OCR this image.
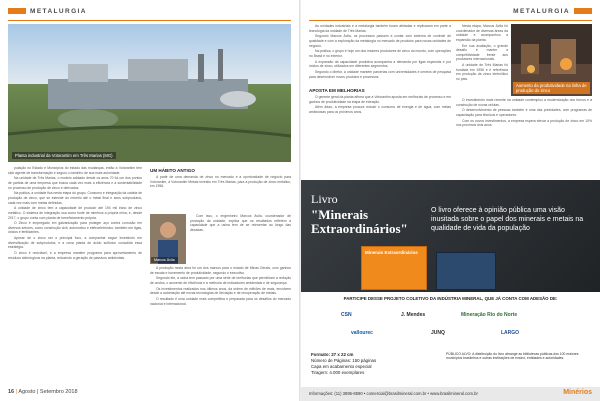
METALURGIA
Planta industrial da Votorantim em Três Marias (MG)

pulação no Estado e Municípios do estado das mudanças, então a Votorantim tem sido agente de transformação e seguiu o caminho de sua mais autoridade.

Na unidade de Três Marias, o modelo adotado desde os anos 70 foi um dos pontos de partida de uma empresa que busca cada vez mais a eficiência e a sustentabilidade no processo de produção de zinco e derivados.

Na prática, a unidade fica nesta etapa do grupo. Consumo e integração da cadeia de produção de zinco, que se estende do minério até o metal final e seus subprodutos, cada vez mais com metas definidas.

A unidade de zinco tem a capacidade de produzir até 194 mil t/ano de zinco metálico. O sistema de integração usa como fonte de minérios a própria mina, e, desde 2017, o grupo conta com planta de beneficiamento própria.

O Zinco é empregado em galvanização para proteger aço contra corrosão em diversos setores, como construção civil, automotivo e eletroeletrônico; também em ligas, óxidos e fertilizantes.

Apesar de o zinco ser o principal foco, a companhia segue investindo em diversificação de subprodutos, e a nova planta de ácido sulfúrico consolida essa estratégia.

O zinco é reciclável, e a empresa mantém programa para aproveitamento de resíduos siderúrgicos na planta, reduzindo a geração de passivos ambientais.

UM HÁBITO ANTIGO

A partir de uma demanda de zinco no mercado e a oportunidade de negócio para Votorantim, a Votorantim Metais investiu em Três Marias, para a produção de zinco metálico, em 1956.

Marcos Ávila

Com isso, o engenheiro Marcos Ávila, coordenador de produção da unidade, explica que os resultados refletem a capacidade que a usina tem de se reinventar ao longo das décadas.

A produção nesta área foi um dos marcos para o estado de Minas Gerais, com ganhos de escala e incremento de produtividade, segundo o executivo.

Segundo ele, a usina tem passado por uma série de melhorias que permitiram a redução de custos, o aumento de eficiência e a melhoria de indicadores ambientais e de segurança.

Os investimentos realizados nos últimos anos, da ordem de milhões de reais, envolvem desde a automação até novas tecnologias de lixiviação e de recuperação de metais.

O resultado é uma unidade mais competitiva e preparada para os desafios do mercado nacional e internacional.

16 | Agosto | Setembro 2018
METALURGIA

As unidades industriais e a metalurgia também foram afetadas e replicaram em parte a tecnologia da unidade de Três Marias.

Segundo Marcos Ávila, os processos passam a contar com sistema de controle de qualidade e com a exploração da metalurgia no mercado de produtos para novas unidades de negócio.

Na prática, o grupo é hoje um dos maiores produtores de zinco do mundo, com operações no Brasil e no exterior.

A expansão da capacidade produtiva acompanha a demanda por ligas especiais e por óxidos de zinco, utilizados em diferentes segmentos.

Segundo o diretor, a unidade mantém parcerias com universidades e centros de pesquisa para desenvolver novos produtos e processos.

APOSTA EM MELHORIAS

O gerente geral da planta afirma que a Votorantim aposta em melhorias de processo e em ganhos de produtividade na etapa de extração.

Além disso, a empresa procura reduzir o consumo de energia e de água, com metas ambiciosas para os próximos anos.

Nesta etapa, Marcos Ávila foi coordenador de diversas áreas da unidade e acompanhou a expansão da planta.

Em sua avaliação, o grande desafio é manter a competitividade frente aos produtores internacionais.

A unidade de Três Marias foi fundada em 1956 e é referência em produção de zinco eletrolítico no país.

Aumento da produtividade na linha de produção do zinco

O investimento mais recente na unidade contemplou a modernização dos fornos e a construção de novas células.

O desenvolvimento de pessoas também é uma das prioridades, com programas de capacitação para técnicos e operadores.

Com os novos investimentos, a empresa espera elevar a produção de zinco em 10% nos próximos dois anos.

Livro
"Minerais Extraordinários"
O livro oferece à opinião pública uma visão inusitada sobre o papel dos minerais e metais na qualidade de vida da população
Minerais Extraordinários
PARTICIPE DESSE PROJETO COLETIVO DA INDÚSTRIA MINERAL, QUE JÁ CONTA COM ADESÃO DE:
CSN	J. Mendes	Mineração Rio do Norte
vallourec	JUNQ	LARGO
Formato: 27 x 22 cm
Número de Páginas: 150 páginas
Capa em acabamento especial
Tiragem: 4.000 exemplares
PÚBLICO ALVO: A distribuição do livro abrange as bibliotecas públicas dos 100 maiores municípios brasileiros e outras instituições de ensino, entidades e autoridades.
Informações: (11) 3895-8590 • comercial@brasilmineral.com.br • www.brasilmineral.com.br	Minérios
